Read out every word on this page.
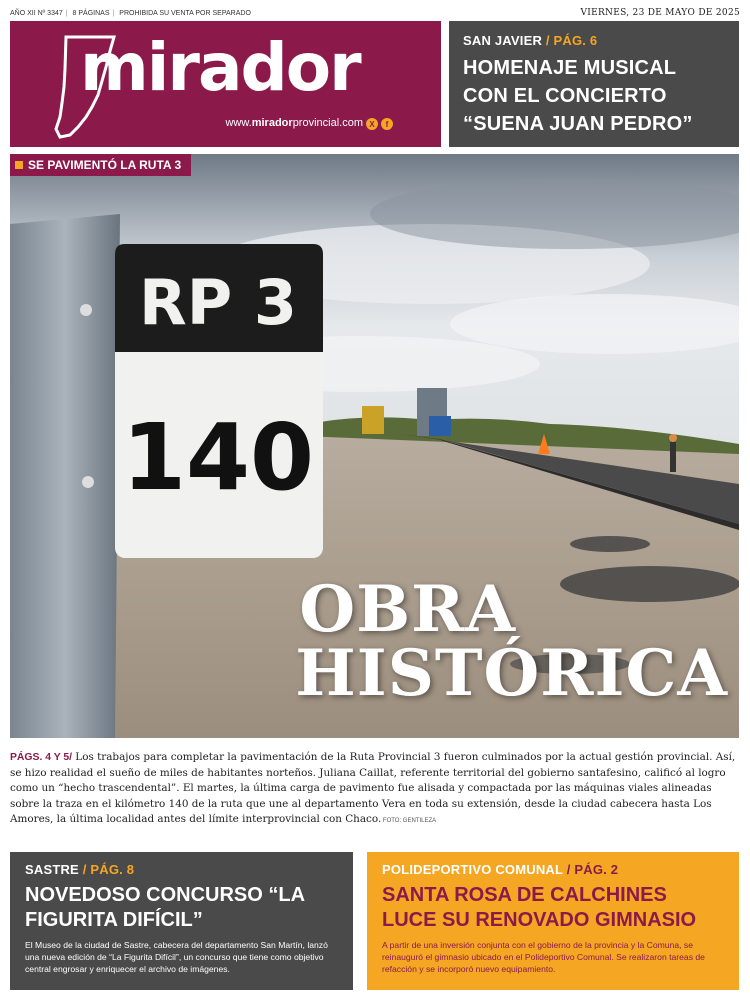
AÑO XII Nº 3347 | 8 PÁGINAS | PROHIBIDA SU VENTA POR SEPARADO	VIERNES, 23 DE MAYO DE 2025
mirador
www.miradorprovincial.com X	f
SAN JAVIER / PÁG. 6
HOMENAJE MUSICAL CON EL CONCIERTO “SUENA JUAN PEDRO”
SE PAVIMENTÓ LA RUTA 3
RP 3
140
OBRA
HISTÓRICA
PÁGS. 4 Y 5/ Los trabajos para completar la pavimentación de la Ruta Provincial 3 fueron culminados por la actual gestión provincial. Así, se hizo realidad el sueño de miles de habitantes norteños. Juliana Caillat, referente territorial del gobierno santafesino, calificó al logro como un “hecho trascendental”. El martes, la última carga de pavimento fue alisada y compactada por las máquinas viales alineadas sobre la traza en el kilómetro 140 de la ruta que une al departamento Vera en toda su extensión, desde la ciudad cabecera hasta Los Amores, la última localidad antes del límite interprovincial con Chaco. FOTO: GENTILEZA
SASTRE / PÁG. 8
NOVEDOSO CONCURSO “LA FIGURITA DIFÍCIL”
El Museo de la ciudad de Sastre, cabecera del departamento San Martín, lanzó una nueva edición de “La Figurita Difícil”, un concurso que tiene como objetivo central engrosar y enriquecer el archivo de imágenes.
POLIDEPORTIVO COMUNAL / PÁG. 2
SANTA ROSA DE CALCHINES LUCE SU RENOVADO GIMNASIO
A partir de una inversión conjunta con el gobierno de la provincia y la Comuna, se reinauguró el gimnasio ubicado en el Polideportivo Comunal. Se realizaron tareas de refacción y se incorporó nuevo equipamiento.
